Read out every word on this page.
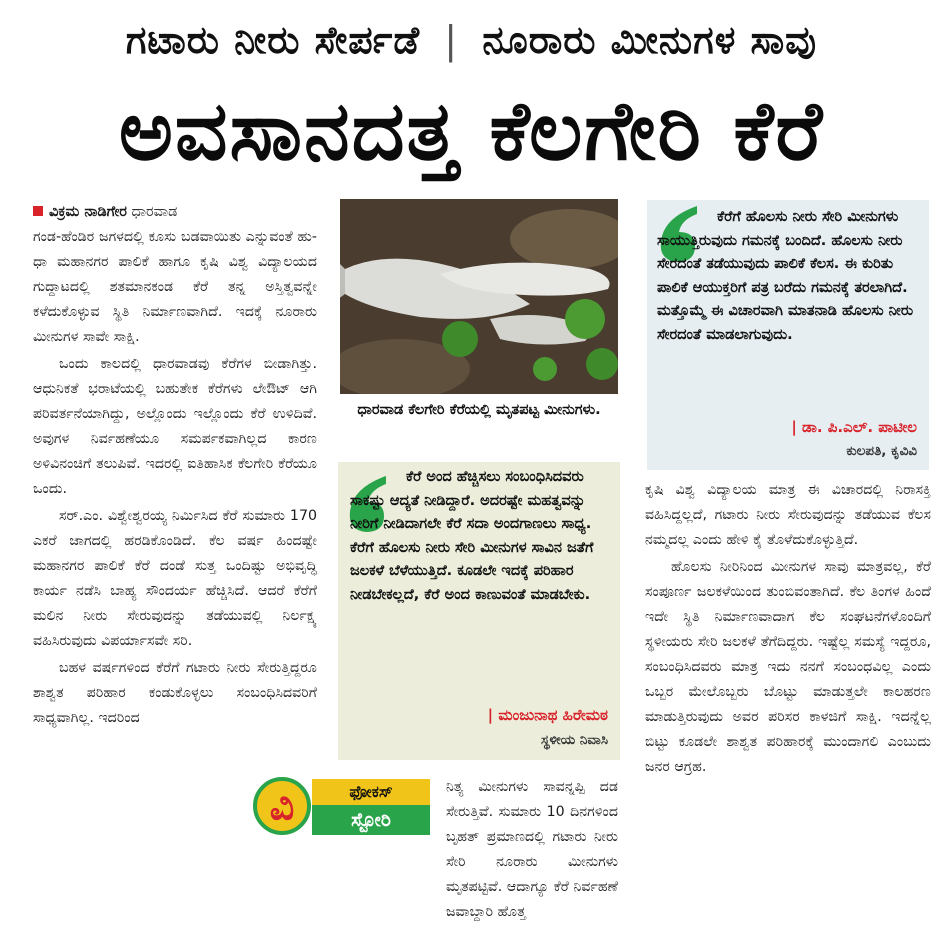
ಗಟಾರು ನೀರು ಸೇರ್ಪಡೆ | ನೂರಾರು ಮೀನುಗಳ ಸಾವು
ಅವಸಾನದತ್ತ ಕೆಲಗೇರಿ ಕೆರೆ
ವಿಕ್ರಮ ನಾಡಿಗೇರ ಧಾರವಾಡ

ಗಂಡ-ಹೆಂಡಿರ ಜಗಳದಲ್ಲಿ ಕೂಸು ಬಡವಾಯಿತು ಎನ್ನುವಂತೆ ಹು-ಧಾ ಮಹಾನಗರ ಪಾಲಿಕೆ ಹಾಗೂ ಕೃಷಿ ವಿಶ್ವ ವಿದ್ಯಾಲಯದ ಗುದ್ದಾಟದಲ್ಲಿ ಶತಮಾನಕಂಡ ಕೆರೆ ತನ್ನ ಅಸ್ತಿತ್ವವನ್ನೇ ಕಳೆದುಕೊಳ್ಳುವ ಸ್ಥಿತಿ ನಿರ್ಮಾಣವಾಗಿದೆ. ಇದಕ್ಕೆ ನೂರಾರು ಮೀನುಗಳ ಸಾವೇ ಸಾಕ್ಷಿ.

ಒಂದು ಕಾಲದಲ್ಲಿ ಧಾರವಾಡವು ಕೆರೆಗಳ ಬೀಡಾಗಿತ್ತು. ಆಧುನಿಕತೆ ಭರಾಟೆಯಲ್ಲಿ ಬಹುತೇಕ ಕೆರೆಗಳು ಲೇಔಟ್ ಆಗಿ ಪರಿವರ್ತನೆಯಾಗಿದ್ದು, ಅಲ್ಲೊಂದು ಇಲ್ಲೊಂದು ಕೆರೆ ಉಳಿದಿವೆ. ಅವುಗಳ ನಿರ್ವಹಣೆಯೂ ಸಮರ್ಪಕವಾಗಿಲ್ಲದ ಕಾರಣ ಅಳಿವಿನಂಚಿಗೆ ತಲುಪಿವೆ. ಇದರಲ್ಲಿ ಐತಿಹಾಸಿಕ ಕೆಲಗೇರಿ ಕೆರೆಯೂ ಒಂದು.

ಸರ್.ಎಂ. ವಿಶ್ವೇಶ್ವರಯ್ಯ ನಿರ್ಮಿಸಿದ ಕೆರೆ ಸುಮಾರು 170 ಎಕರೆ ಜಾಗದಲ್ಲಿ ಹರಡಿಕೊಂಡಿದೆ. ಕೆಲ ವರ್ಷ ಹಿಂದಷ್ಟೇ ಮಹಾನಗರ ಪಾಲಿಕೆ ಕೆರೆ ದಂಡೆ ಸುತ್ತ ಒಂದಿಷ್ಟು ಅಭಿವೃದ್ಧಿ ಕಾರ್ಯ ನಡೆಸಿ ಬಾಹ್ಯ ಸೌಂದರ್ಯ ಹೆಚ್ಚಿಸಿದೆ. ಆದರೆ ಕೆರೆಗೆ ಮಲಿನ ನೀರು ಸೇರುವುದನ್ನು ತಡೆಯುವಲ್ಲಿ ನಿರ್ಲಕ್ಷ್ಯ ವಹಿಸಿರುವುದು ವಿಪರ್ಯಾಸವೇ ಸರಿ.

ಬಹಳ ವರ್ಷಗಳಿಂದ ಕೆರೆಗೆ ಗಟಾರು ನೀರು ಸೇರುತ್ತಿದ್ದರೂ ಶಾಶ್ವತ ಪರಿಹಾರ ಕಂಡುಕೊಳ್ಳಲು ಸಂಬಂಧಿಸಿದವರಿಗೆ ಸಾಧ್ಯವಾಗಿಲ್ಲ. ಇದರಿಂದ

ಧಾರವಾಡ ಕೆಲಗೇರಿ ಕೆರೆಯಲ್ಲಿ ಮೃತಪಟ್ಟ ಮೀನುಗಳು.
ಕೆರೆ ಅಂದ ಹೆಚ್ಚಿಸಲು ಸಂಬಂಧಿಸಿದವರು ಸಾಕಷ್ಟು ಆದ್ಯತೆ ನೀಡಿದ್ದಾರೆ. ಅದರಷ್ಟೇ ಮಹತ್ವವನ್ನು ನೀರಿಗೆ ನೀಡಿದಾಗಲೇ ಕೆರೆ ಸದಾ ಅಂದಗಾಣಲು ಸಾಧ್ಯ. ಕೆರೆಗೆ ಹೊಲಸು ನೀರು ಸೇರಿ ಮೀನುಗಳ ಸಾವಿನ ಜತೆಗೆ ಜಲಕಳೆ ಬೆಳೆಯುತ್ತಿದೆ. ಕೂಡಲೇ ಇದಕ್ಕೆ ಪರಿಹಾರ ನೀಡಬೇಕಲ್ಲದೆ, ಕೆರೆ ಅಂದ ಕಾಣುವಂತೆ ಮಾಡಬೇಕು.
| ಮಂಜುನಾಥ ಹಿರೇಮಠ
ಸ್ಥಳೀಯ ನಿವಾಸಿ
ವಿ	ಫೋಕಸ್
ಸ್ಟೋರಿ

ನಿತ್ಯ ಮೀನುಗಳು ಸಾವನ್ನಪ್ಪಿ ದಡ ಸೇರುತ್ತಿವೆ. ಸುಮಾರು 10 ದಿನಗಳಿಂದ ಬೃಹತ್ ಪ್ರಮಾಣದಲ್ಲಿ ಗಟಾರು ನೀರು ಸೇರಿ ನೂರಾರು ಮೀನುಗಳು ಮೃತಪಟ್ಟಿವೆ. ಆದಾಗ್ಯೂ ಕೆರೆ ನಿರ್ವಹಣೆ ಜವಾಬ್ದಾರಿ ಹೊತ್ತ

ಕೆರೆಗೆ ಹೊಲಸು ನೀರು ಸೇರಿ ಮೀನುಗಳು ಸಾಯುತ್ತಿರುವುದು ಗಮನಕ್ಕೆ ಬಂದಿದೆ. ಹೊಲಸು ನೀರು ಸೇರದಂತೆ ತಡೆಯುವುದು ಪಾಲಿಕೆ ಕೆಲಸ. ಈ ಕುರಿತು ಪಾಲಿಕೆ ಆಯುಕ್ತರಿಗೆ ಪತ್ರ ಬರೆದು ಗಮನಕ್ಕೆ ತರಲಾಗಿದೆ. ಮತ್ತೊಮ್ಮೆ ಈ ವಿಚಾರವಾಗಿ ಮಾತನಾಡಿ ಹೊಲಸು ನೀರು ಸೇರದಂತೆ ಮಾಡಲಾಗುವುದು.
| ಡಾ. ಪಿ.ಎಲ್. ಪಾಟೀಲ
ಕುಲಪತಿ, ಕೃವಿವಿ

ಕೃಷಿ ವಿಶ್ವ ವಿದ್ಯಾಲಯ ಮಾತ್ರ ಈ ವಿಚಾರದಲ್ಲಿ ನಿರಾಸಕ್ತಿ ವಹಿಸಿದ್ದಲ್ಲದೆ, ಗಟಾರು ನೀರು ಸೇರುವುದನ್ನು ತಡೆಯುವ ಕೆಲಸ ನಮ್ಮದಲ್ಲ ಎಂದು ಹೇಳಿ ಕೈ ತೊಳೆದುಕೊಳ್ಳುತ್ತಿದೆ.

ಹೊಲಸು ನೀರಿನಿಂದ ಮೀನುಗಳ ಸಾವು ಮಾತ್ರವಲ್ಲ, ಕೆರೆ ಸಂಪೂರ್ಣ ಜಲಕಳೆಯಿಂದ ತುಂಬಿವಂತಾಗಿದೆ. ಕೆಲ ತಿಂಗಳ ಹಿಂದೆ ಇದೇ ಸ್ಥಿತಿ ನಿರ್ಮಾಣವಾದಾಗ ಕೆಲ ಸಂಘಟನೆಗಳೊಂದಿಗೆ ಸ್ಥಳೀಯರು ಸೇರಿ ಜಲಕಳೆ ತೆಗೆದಿದ್ದರು. ಇಷ್ಟೆಲ್ಲ ಸಮಸ್ಯೆ ಇದ್ದರೂ, ಸಂಬಂಧಿಸಿದವರು ಮಾತ್ರ ಇದು ನನಗೆ ಸಂಬಂಧವಿಲ್ಲ ಎಂದು ಒಬ್ಬರ ಮೇಲೊಬ್ಬರು ಬೊಟ್ಟು ಮಾಡುತ್ತಲೇ ಕಾಲಹರಣ ಮಾಡುತ್ತಿರುವುದು ಅವರ ಪರಿಸರ ಕಾಳಜಿಗೆ ಸಾಕ್ಷಿ. ಇದನ್ನೆಲ್ಲ ಬಿಟ್ಟು ಕೂಡಲೇ ಶಾಶ್ವತ ಪರಿಹಾರಕ್ಕೆ ಮುಂದಾಗಲಿ ಎಂಬುದು ಜನರ ಆಗ್ರಹ.
